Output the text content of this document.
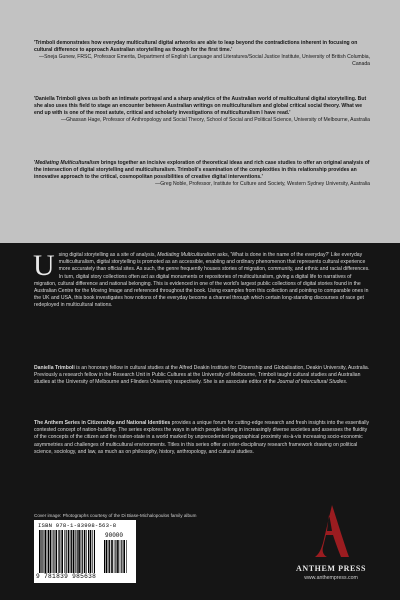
'Trimboli demonstrates how everyday multicultural digital artworks are able to leap beyond the contradictions inherent in focusing on cultural difference to approach Australian storytelling as though for the first time.'

—Sneja Gunew, FRSC, Professor Emerita, Department of English Language and Literatures/Social Justice Institute, University of British Columbia, Canada

'Daniella Trimboli gives us both an intimate portrayal and a sharp analytics of the Australian world of multicultural digital storytelling. But she also uses this field to stage an encounter between Australian writings on multiculturalism and global critical social theory. What we end up with is one of the most astute, critical and scholarly investigations of multiculturalism I have read.'

—Ghassan Hage, Professor of Anthropology and Social Theory, School of Social and Political Science, University of Melbourne, Australia

'Mediating Multiculturalism brings together an incisive exploration of theoretical ideas and rich case studies to offer an original analysis of the intersection of digital storytelling and multiculturalism. Trimboli's examination of the complexities in this relationship provides an innovative approach to the critical, cosmopolitan possibilities of creative digital interventions.'

—Greg Noble, Professor, Institute for Culture and Society, Western Sydney University, Australia

Using digital storytelling as a site of analysis, Mediating Multiculturalism asks, 'What is done in the name of the everyday?' Like everyday multiculturalism, digital storytelling is promoted as an accessible, enabling and ordinary phenomenon that represents cultural experience more accurately than official sites. As such, the genre frequently houses stories of migration, community, and ethnic and racial differences. In turn, digital story collections often act as digital monuments or repositories of multiculturalism, giving a digital life to narratives of migration, cultural difference and national belonging. This is evidenced in one of the world's largest public collections of digital stories found in the Australian Centre for the Moving Image and referenced throughout the book. Using examples from this collection and pointing to comparable ones in the UK and USA, this book investigates how notions of the everyday become a channel through which certain long-standing discourses of race get redeployed in multicultural nations.

Daniella Trimboli is an honorary fellow in cultural studies at the Alfred Deakin Institute for Citizenship and Globalisation, Deakin University, Australia. Previously a research fellow in the Research Unit in Public Cultures at the University of Melbourne, Trimboli taught cultural studies and Australian studies at the University of Melbourne and Flinders University respectively. She is an associate editor of the Journal of Intercultural Studies.

The Anthem Series in Citizenship and National Identities provides a unique forum for cutting-edge research and fresh insights into the essentially contested concept of nation-building. The series explores the ways in which people belong in increasingly diverse societies and assesses the fluidity of the concepts of the citizen and the nation-state in a world marked by unprecedented geographical proximity vis-à-vis increasing socio-economic asymmetries and challenges of multicultural environments. Titles in this series offer an inter-disciplinary research framework drawing on political science, sociology, and law, as much as on philosophy, history, anthropology, and cultural studies.

Cover image: Photographs courtesy of the Di Biase-Michalopoulos family album

ISBN 978-1-83998-563-8
90000
9 781839 985638
ANTHEM PRESS
www.anthempress.com
